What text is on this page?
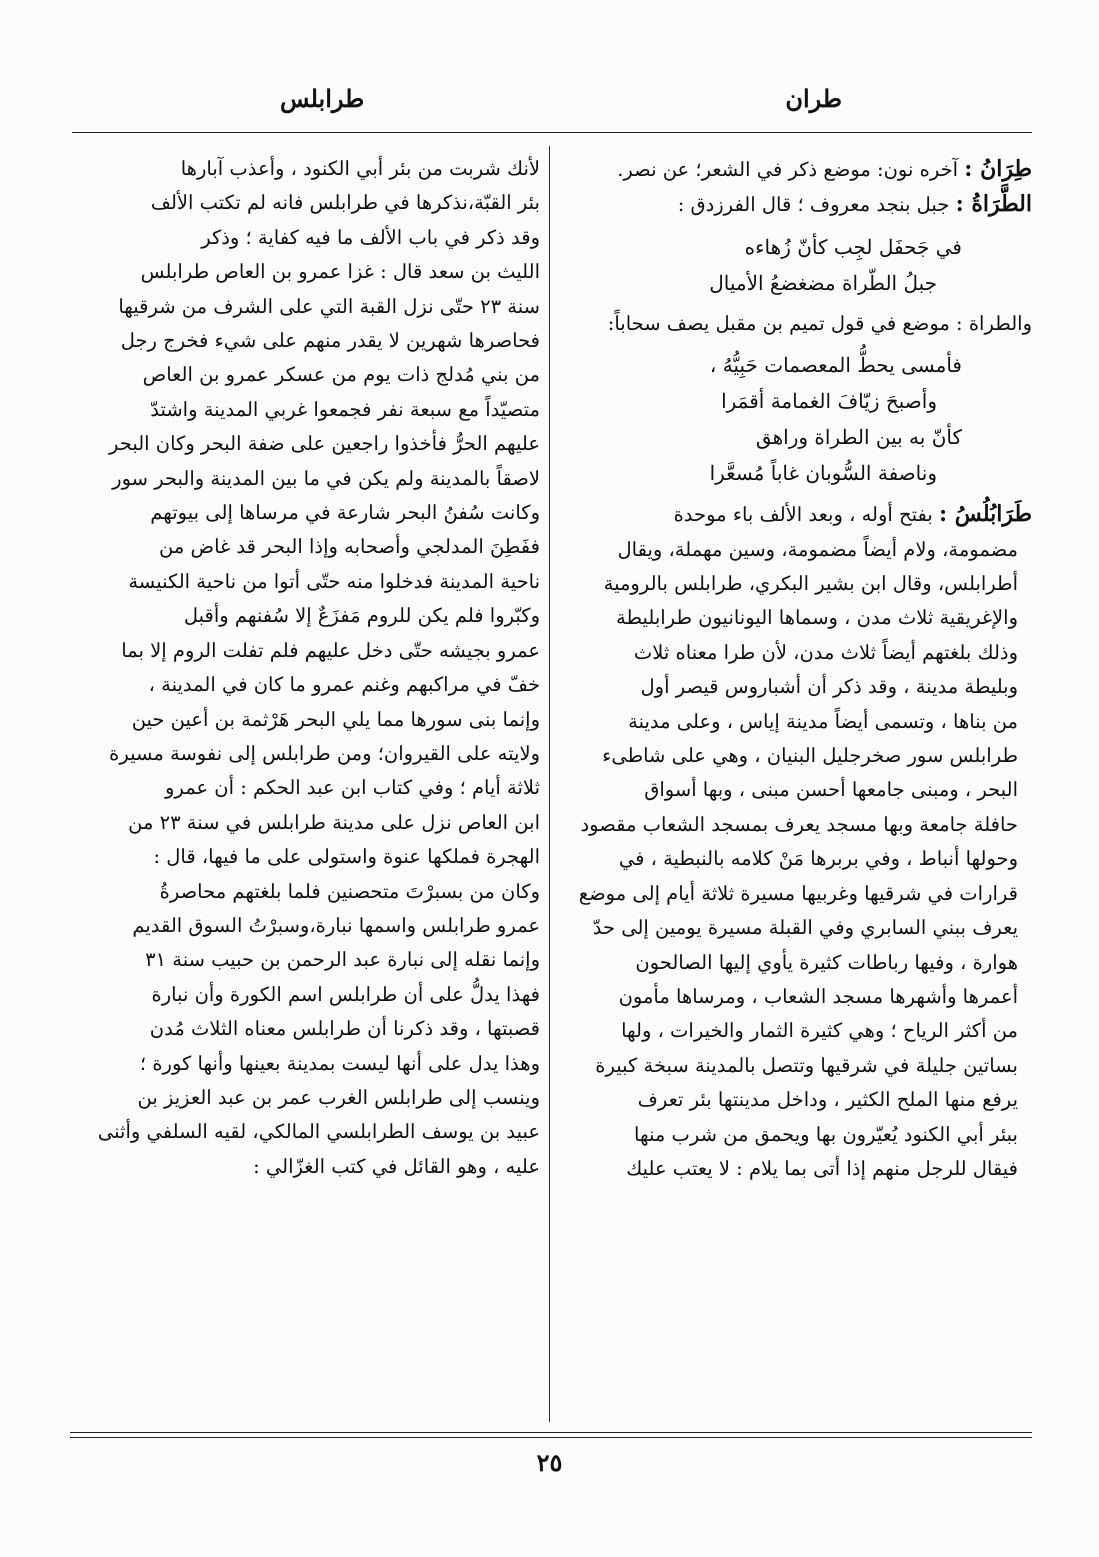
طران
طرابلس

طِرَانُ : آخره نون: موضع ذكر في الشعر؛ عن نصر.

الطَّرَاةُ : جبل بنجد معروف ؛ قال الفرزدق :

في جَحفَل لجِب كأنّ زُهاءه
جبلُ الطّراة مضغضعُ الأميال

والطراة : موضع في قول تميم بن مقبل يصف سحاباً:

فأمسى يحطُّ المعصمات حَبِيُّهُ ،
وأصبحَ زيّافَ الغمامة أقمَرا
كأنّ به بين الطراة وراهق
وناصفة السُّوبان غاباً مُسعَّرا

طَرَابُلُسُ : بفتح أوله ، وبعد الألف باء موحدة

مضمومة، ولام أيضاً مضمومة، وسين مهملة، ويقال

أطرابلس، وقال ابن بشير البكري، طرابلس بالرومية

والإغريقية ثلاث مدن ، وسماها اليونانيون طرابليطة

وذلك بلغتهم أيضاً ثلاث مدن، لأن طرا معناه ثلاث

وبليطة مدينة ، وقد ذكر أن أشباروس قيصر أول

من بناها ، وتسمى أيضاً مدينة إياس ، وعلى مدينة

طرابلس سور صخرجليل البنيان ، وهي على شاطىء

البحر ، ومبنى جامعها أحسن مبنى ، وبها أسواق

حافلة جامعة وبها مسجد يعرف بمسجد الشعاب مقصود

وحولها أنباط ، وفي بربرها مَنْ كلامه بالنبطية ، في

قرارات في شرقيها وغربيها مسيرة ثلاثة أيام إلى موضع

يعرف ببني السابري وفي القبلة مسيرة يومين إلى حدّ

هوارة ، وفيها رباطات كثيرة يأوي إليها الصالحون

أعمرها وأشهرها مسجد الشعاب ، ومرساها مأمون

من أكثر الرياح ؛ وهي كثيرة الثمار والخيرات ، ولها

بساتين جليلة في شرقيها وتتصل بالمدينة سبخة كبيرة

يرفع منها الملح الكثير ، وداخل مدينتها بئر تعرف

ببئر أبي الكنود يُعيّرون بها ويحمق من شرب منها

فيقال للرجل منهم إذا أتى بما يلام : لا يعتب عليك

لأنك شربت من بئر أبي الكنود ، وأعذب آبارها

بئر القبّة،نذكرها في طرابلس فانه لم تكتب الألف

وقد ذكر في باب الألف ما فيه كفاية ؛ وذكر

الليث بن سعد قال : غزا عمرو بن العاص طرابلس

سنة ٢٣ حتّى نزل القبة التي على الشرف من شرقيها

فحاصرها شهرين لا يقدر منهم على شيء فخرج رجل

من بني مُدلج ذات يوم من عسكر عمرو بن العاص

متصيّداً مع سبعة نفر فجمعوا غربي المدينة واشتدّ

عليهم الحرُّ فأخذوا راجعين على ضفة البحر وكان البحر

لاصقاً بالمدينة ولم يكن في ما بين المدينة والبحر سور

وكانت سُفنُ البحر شارعة في مرساها إلى بيوتهم

ففَطِنَ المدلجي وأصحابه وإذا البحر قد غاض من

ناحية المدينة فدخلوا منه حتّى أتوا من ناحية الكنيسة

وكبّروا فلم يكن للروم مَفزَعٌ إلا سُفنهم وأقبل

عمرو بجيشه حتّى دخل عليهم فلم تفلت الروم إلا بما

خفّ في مراكبهم وغنم عمرو ما كان في المدينة ،

وإنما بنى سورها مما يلي البحر هَرْثمة بن أعين حين

ولايته على القيروان؛ ومن طرابلس إلى نفوسة مسيرة

ثلاثة أيام ؛ وفي كتاب ابن عبد الحكم : أن عمرو

ابن العاص نزل على مدينة طرابلس في سنة ٢٣ من

الهجرة فملكها عنوة واستولى على ما فيها، قال :

وكان من بسبرْتَ متحصنين فلما بلغتهم محاصرةُ

عمرو طرابلس واسمها نبارة،وسبرْتُ السوق القديم

وإنما نقله إلى نبارة عبد الرحمن بن حبيب سنة ٣١

فهذا يدلُّ على أن طرابلس اسم الكورة وأن نبارة

قصبتها ، وقد ذكرنا أن طرابلس معناه الثلاث مُدن

وهذا يدل على أنها ليست بمدينة بعينها وأنها كورة ؛

وينسب إلى طرابلس الغرب عمر بن عبد العزيز بن

عبيد بن يوسف الطرابلسي المالكي، لقيه السلفي وأثنى

عليه ، وهو القائل في كتب الغزّالي :

٢٥
